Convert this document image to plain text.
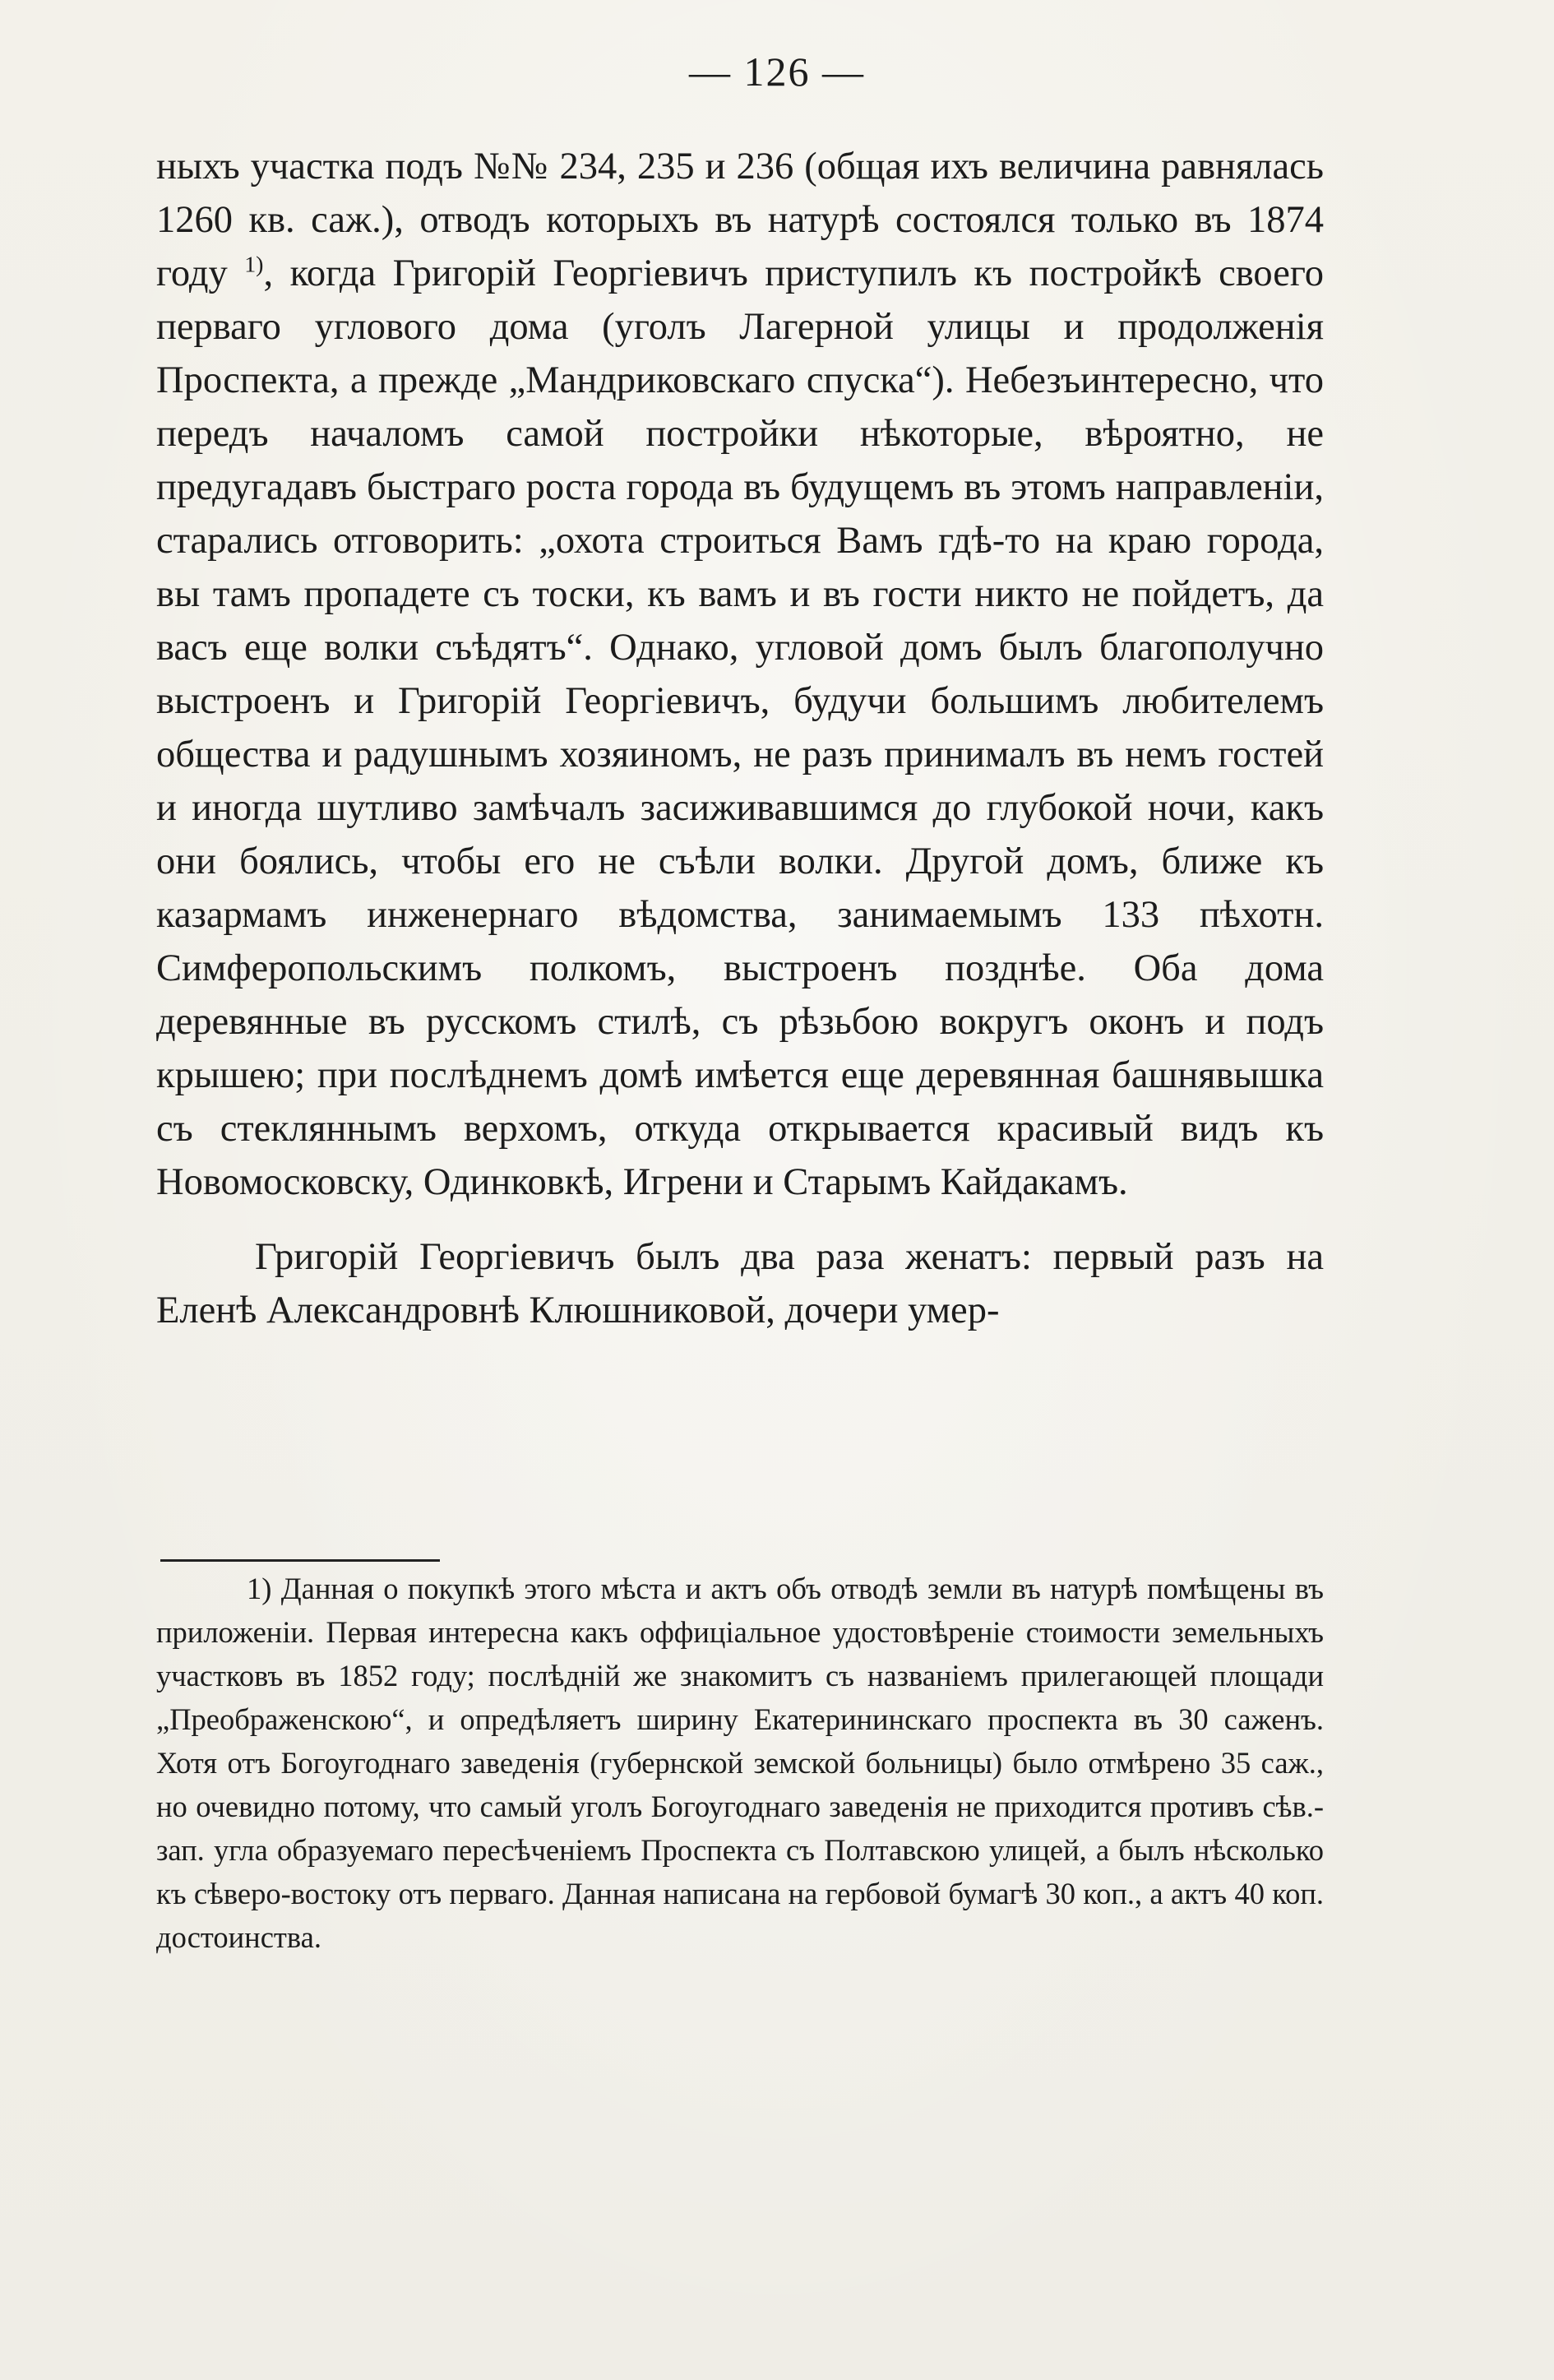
— 126 —

ныхъ участка подъ №№ 234, 235 и 236 (общая ихъ величина равнялась 1260 кв. саж.), отводъ которыхъ въ натурѣ состоялся только въ 1874 году $^{1)}$, когда Григорій Георгіевичъ приступилъ къ постройкѣ своего перваго углового дома (уголъ Лагерной улицы и продолженія Проспекта, а прежде „Мандриковскаго спуска“). Небезъинтересно, что передъ началомъ самой постройки нѣкоторые, вѣроятно, не предугадавъ быстраго роста города въ будущемъ въ этомъ направленіи, старались отговорить: „охота строиться Вамъ гдѣ-то на краю города, вы тамъ пропадете съ тоски, къ вамъ и въ гости никто не пойдетъ, да васъ еще волки съѣдятъ“. Однако, угловой домъ былъ благополучно выстроенъ и Григорій Георгіевичъ, будучи большимъ любителемъ общества и радушнымъ хозяиномъ, не разъ принималъ въ немъ гостей и иногда шутливо замѣчалъ засиживавшимся до глубокой ночи, какъ они боялись, чтобы его не съѣли волки. Другой домъ, ближе къ казармамъ инженернаго вѣдомства, занимаемымъ 133 пѣхотн. Симферопольскимъ полкомъ, выстроенъ позднѣе. Оба дома деревянные въ русскомъ стилѣ, съ рѣзьбою вокругъ оконъ и подъ крышею; при послѣднемъ домѣ имѣется еще деревянная башнявышка съ стекляннымъ верхомъ, откуда открывается красивый видъ къ Новомосковску, Одинковкѣ, Игрени и Старымъ Кайдакамъ.

Григорій Георгіевичъ былъ два раза женатъ: первый разъ на Еленѣ Александровнѣ Клюшниковой, дочери умер-

1) Данная о покупкѣ этого мѣста и актъ объ отводѣ земли въ натурѣ помѣщены въ приложеніи. Первая интересна какъ оффиціальное удостовѣреніе стоимости земельныхъ участковъ въ 1852 году; послѣдній же знакомитъ съ названіемъ прилегающей площади „Преображенскою“, и опредѣляетъ ширину Екатерининскаго проспекта въ 30 саженъ. Хотя отъ Богоугоднаго заведенія (губернской земской больницы) было отмѣрено 35 саж., но очевидно потому, что самый уголъ Богоугоднаго заведенія не приходится противъ сѣв.-зап. угла образуемаго пересѣченіемъ Проспекта съ Полтавскою улицей, а былъ нѣсколько къ сѣверо-востоку отъ перваго. Данная написана на гербовой бумагѣ 30 коп., а актъ 40 коп. достоинства.
